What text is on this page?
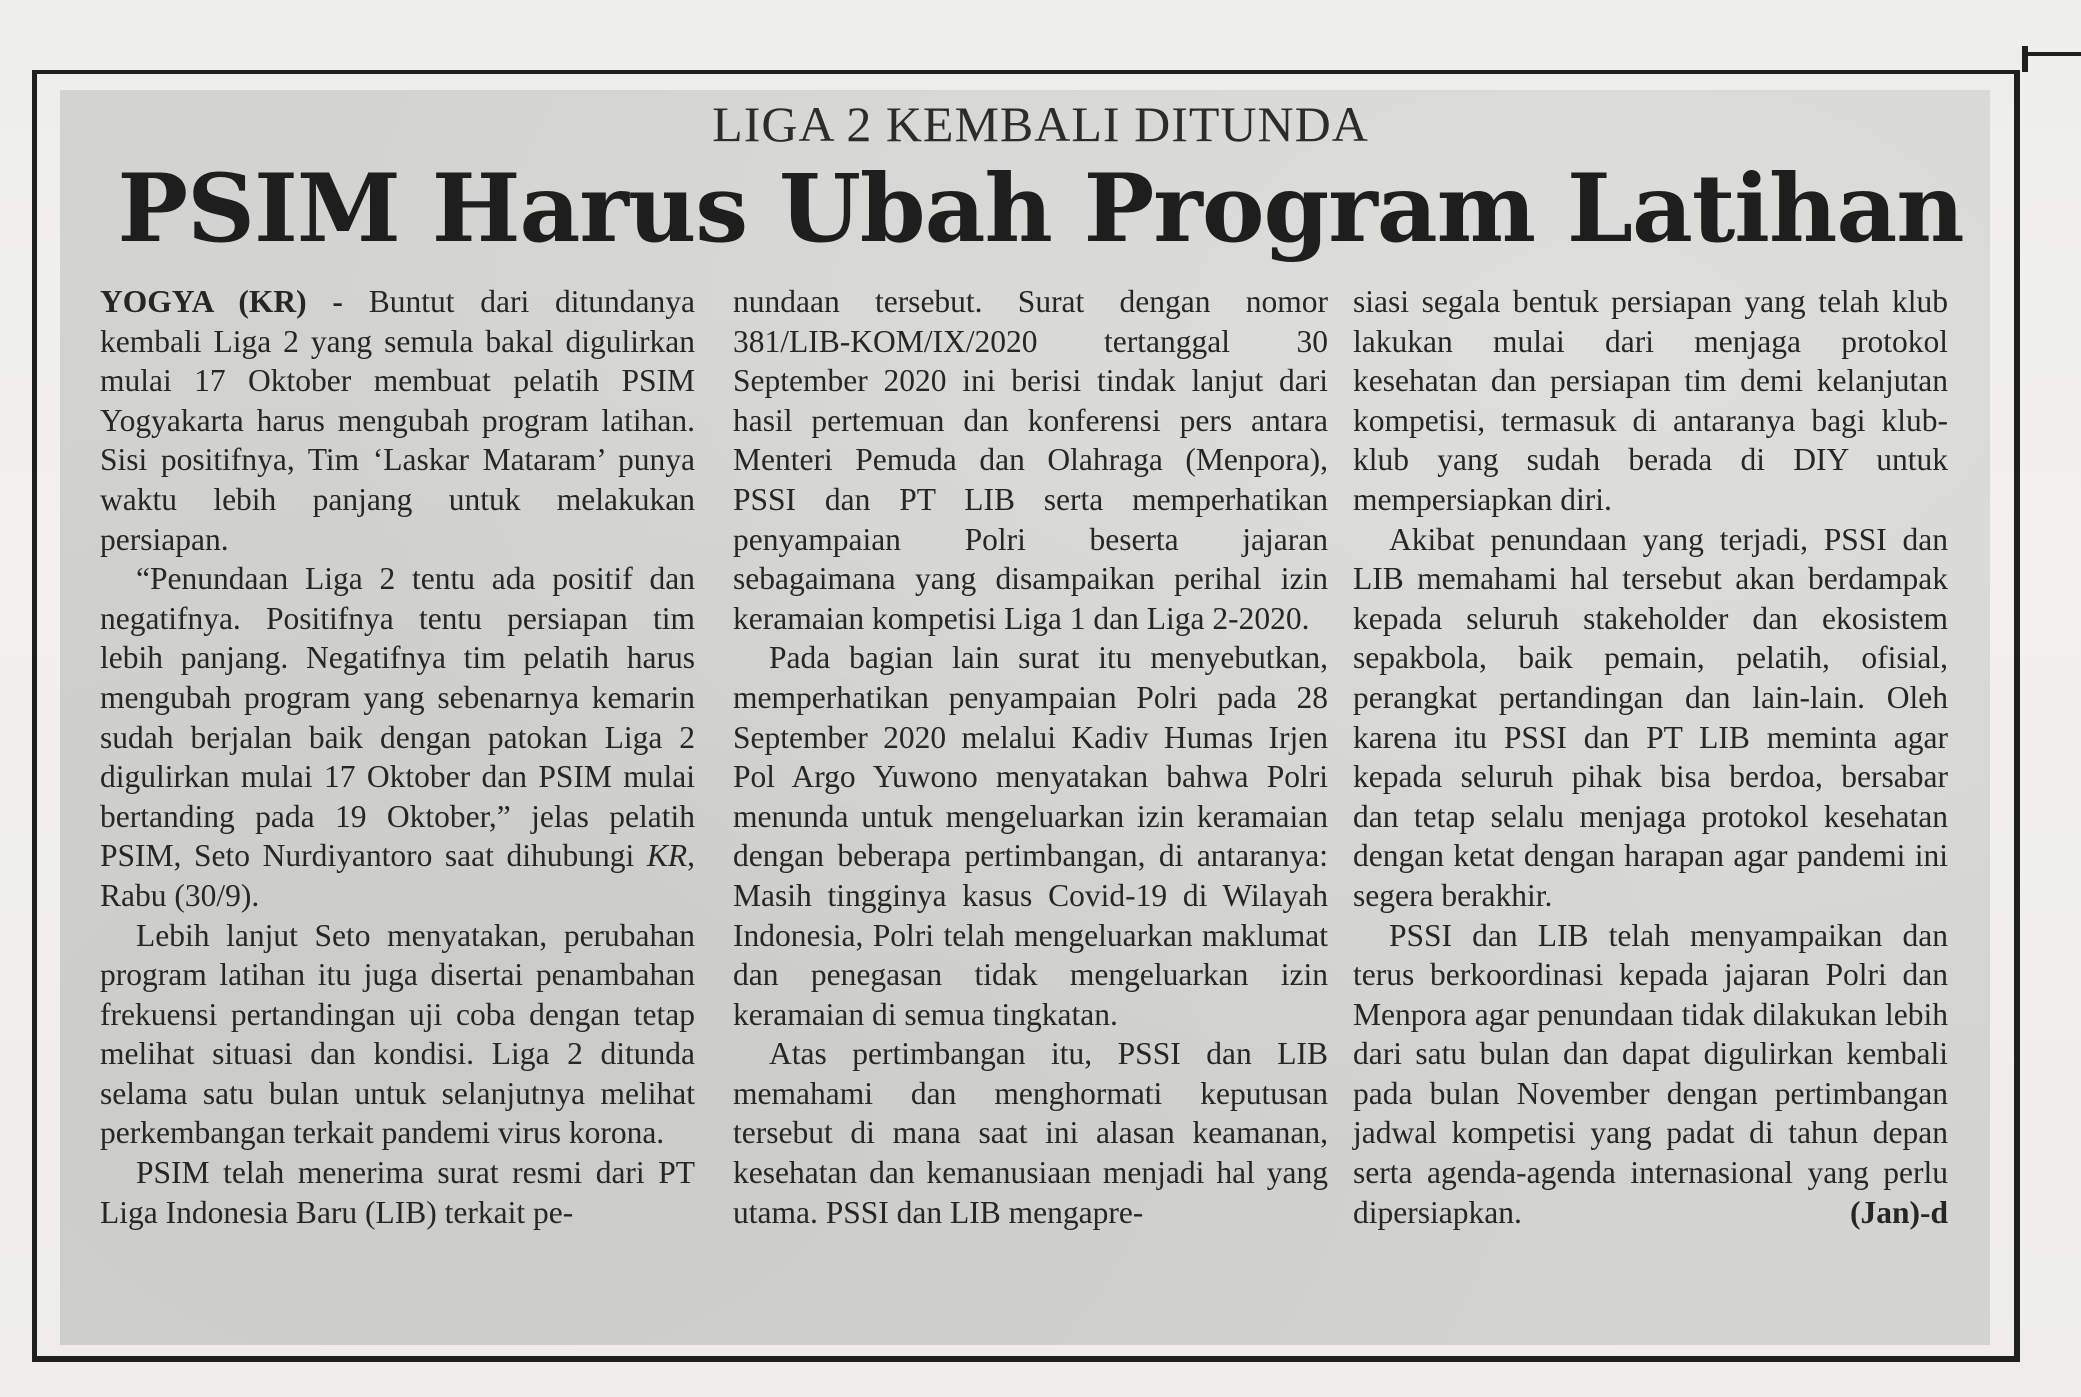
LIGA 2 KEMBALI DITUNDA
PSIM Harus Ubah Program Latihan

YOGYA (KR) - Buntut dari ditundanya kembali Liga 2 yang semula bakal digulirkan mulai 17 Oktober membuat pelatih PSIM Yogyakarta harus mengubah program latihan. Sisi positifnya, Tim ‘Laskar Mataram’ punya waktu lebih panjang untuk melakukan persiapan.

“Penundaan Liga 2 tentu ada positif dan negatifnya. Positifnya tentu persiapan tim lebih panjang. Negatifnya tim pelatih harus mengubah program yang sebenarnya kemarin sudah berjalan baik dengan patokan Liga 2 digulirkan mulai 17 Oktober dan PSIM mulai bertanding pada 19 Oktober,” jelas pelatih PSIM, Seto Nurdiyantoro saat dihubungi KR, Rabu (30/9).

Lebih lanjut Seto menyatakan, perubahan program latihan itu juga disertai penambahan frekuensi pertandingan uji coba dengan tetap melihat situasi dan kondisi. Liga 2 ditunda selama satu bulan untuk selanjutnya melihat perkembangan terkait pandemi virus korona.

PSIM telah menerima surat resmi dari PT Liga Indonesia Baru (LIB) terkait pe-

nundaan tersebut. Surat dengan nomor 381/LIB-KOM/IX/2020 tertanggal 30 September 2020 ini berisi tindak lanjut dari hasil pertemuan dan konferensi pers antara Menteri Pemuda dan Olahraga (Menpora), PSSI dan PT LIB serta memperhatikan penyampaian Polri beserta jajaran sebagaimana yang disampaikan perihal izin keramaian kompetisi Liga 1 dan Liga 2-2020.

Pada bagian lain surat itu menyebutkan, memperhatikan penyampaian Polri pada 28 September 2020 melalui Kadiv Humas Irjen Pol Argo Yuwono menyatakan bahwa Polri menunda untuk mengeluarkan izin keramaian dengan beberapa pertimbangan, di antaranya: Masih tingginya kasus Covid-19 di Wilayah Indonesia, Polri telah mengeluarkan maklumat dan penegasan tidak mengeluarkan izin keramaian di semua tingkatan.

Atas pertimbangan itu, PSSI dan LIB memahami dan menghormati keputusan tersebut di mana saat ini alasan keamanan, kesehatan dan kemanusiaan menjadi hal yang utama. PSSI dan LIB mengapre-

siasi segala bentuk persiapan yang telah klub lakukan mulai dari menjaga protokol kesehatan dan persiapan tim demi kelanjutan kompetisi, termasuk di antaranya bagi klub-klub yang sudah berada di DIY untuk mempersiapkan diri.

Akibat penundaan yang terjadi, PSSI dan LIB memahami hal tersebut akan berdampak kepada seluruh stakeholder dan ekosistem sepakbola, baik pemain, pelatih, ofisial, perangkat pertandingan dan lain-lain. Oleh karena itu PSSI dan PT LIB meminta agar kepada seluruh pihak bisa berdoa, bersabar dan tetap selalu menjaga protokol kesehatan dengan ketat dengan harapan agar pandemi ini segera berakhir.

PSSI dan LIB telah menyampaikan dan terus berkoordinasi kepada jajaran Polri dan Menpora agar penundaan tidak dilakukan lebih dari satu bulan dan dapat digulirkan kembali pada bulan November dengan pertimbangan jadwal kompetisi yang padat di tahun depan serta agenda-agenda internasional yang perlu dipersiapkan.	(Jan)-d
